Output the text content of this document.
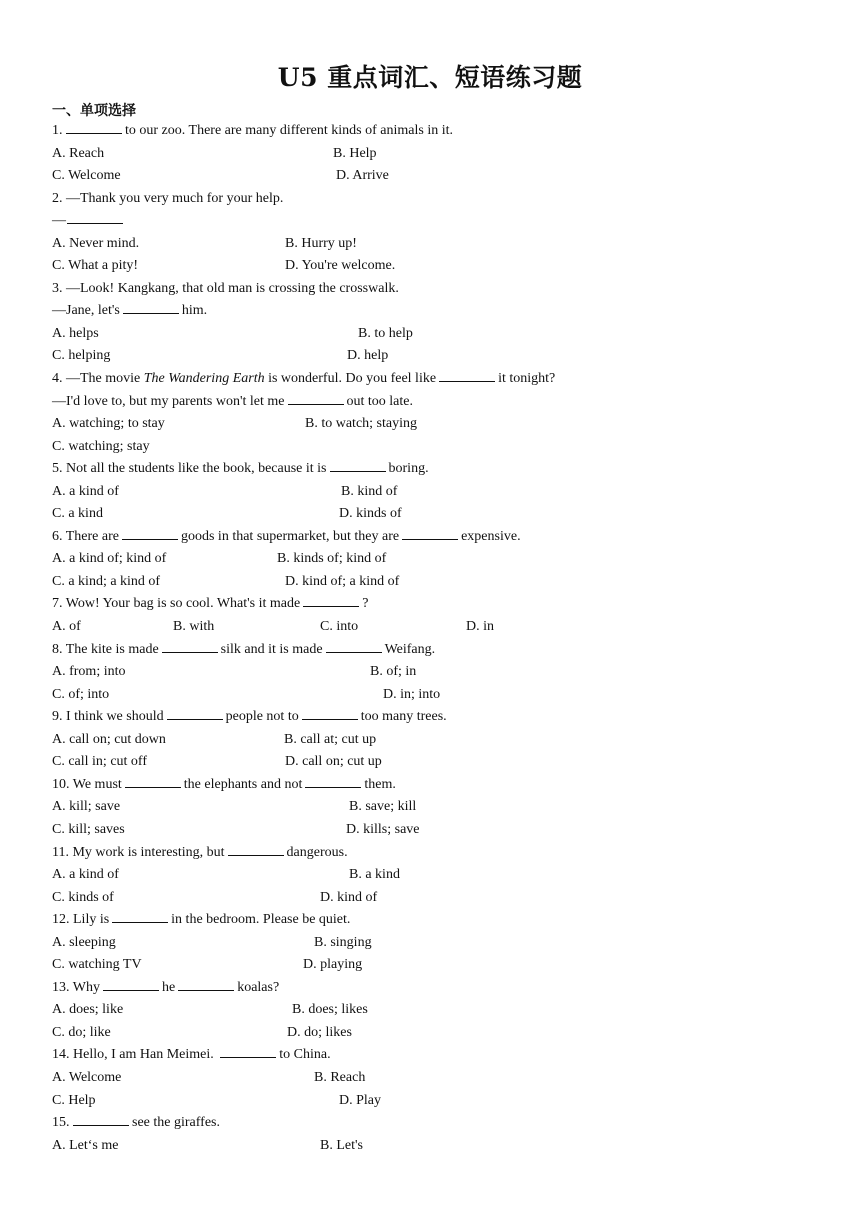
U5 重点词汇、短语练习题
一、单项选择
1.	to our zoo. There are many different kinds of animals in it.
A. Reach	B. Help
C. Welcome	D. Arrive
2. —Thank you very much for your help.
—
A. Never mind.	B. Hurry up!
C. What a pity!	D. You're welcome.
3. —Look! Kangkang, that old man is crossing the crosswalk.
—Jane, let's	him.
A. helps	B. to help
C. helping	D. help
4. —The movie The Wandering Earth is wonderful. Do you feel like	it tonight?
—I'd love to, but my parents won't let me	out too late.
A. watching; to stay	B. to watch; staying
C. watching; stay
5. Not all the students like the book, because it is	boring.
A. a kind of	B. kind of
C. a kind	D. kinds of
6. There are	goods in that supermarket, but they are	expensive.
A. a kind of; kind of	B. kinds of; kind of
C. a kind; a kind of	D. kind of; a kind of
7. Wow! Your bag is so cool. What's it made	?
A. of	B. with	C. into	D. in
8. The kite is made	silk and it is made	Weifang.
A. from; into	B. of; in
C. of; into	D. in; into
9. I think we should	people not to	too many trees.
A. call on; cut down	B. call at; cut up
C. call in; cut off	D. call on; cut up
10. We must	the elephants and not	them.
A. kill; save	B. save; kill
C. kill; saves	D. kills; save
11. My work is interesting, but	dangerous.
A. a kind of	B. a kind
C. kinds of	D. kind of
12. Lily is	in the bedroom. Please be quiet.
A. sleeping	B. singing
C. watching TV	D. playing
13. Why	he	koalas?
A. does; like	B. does; likes
C. do; like	D. do; likes
14. Hello, I am Han Meimei.	to China.
A. Welcome	B. Reach
C. Help	D. Play
15.	see the giraffes.
A. Let‘s me	B. Let's
